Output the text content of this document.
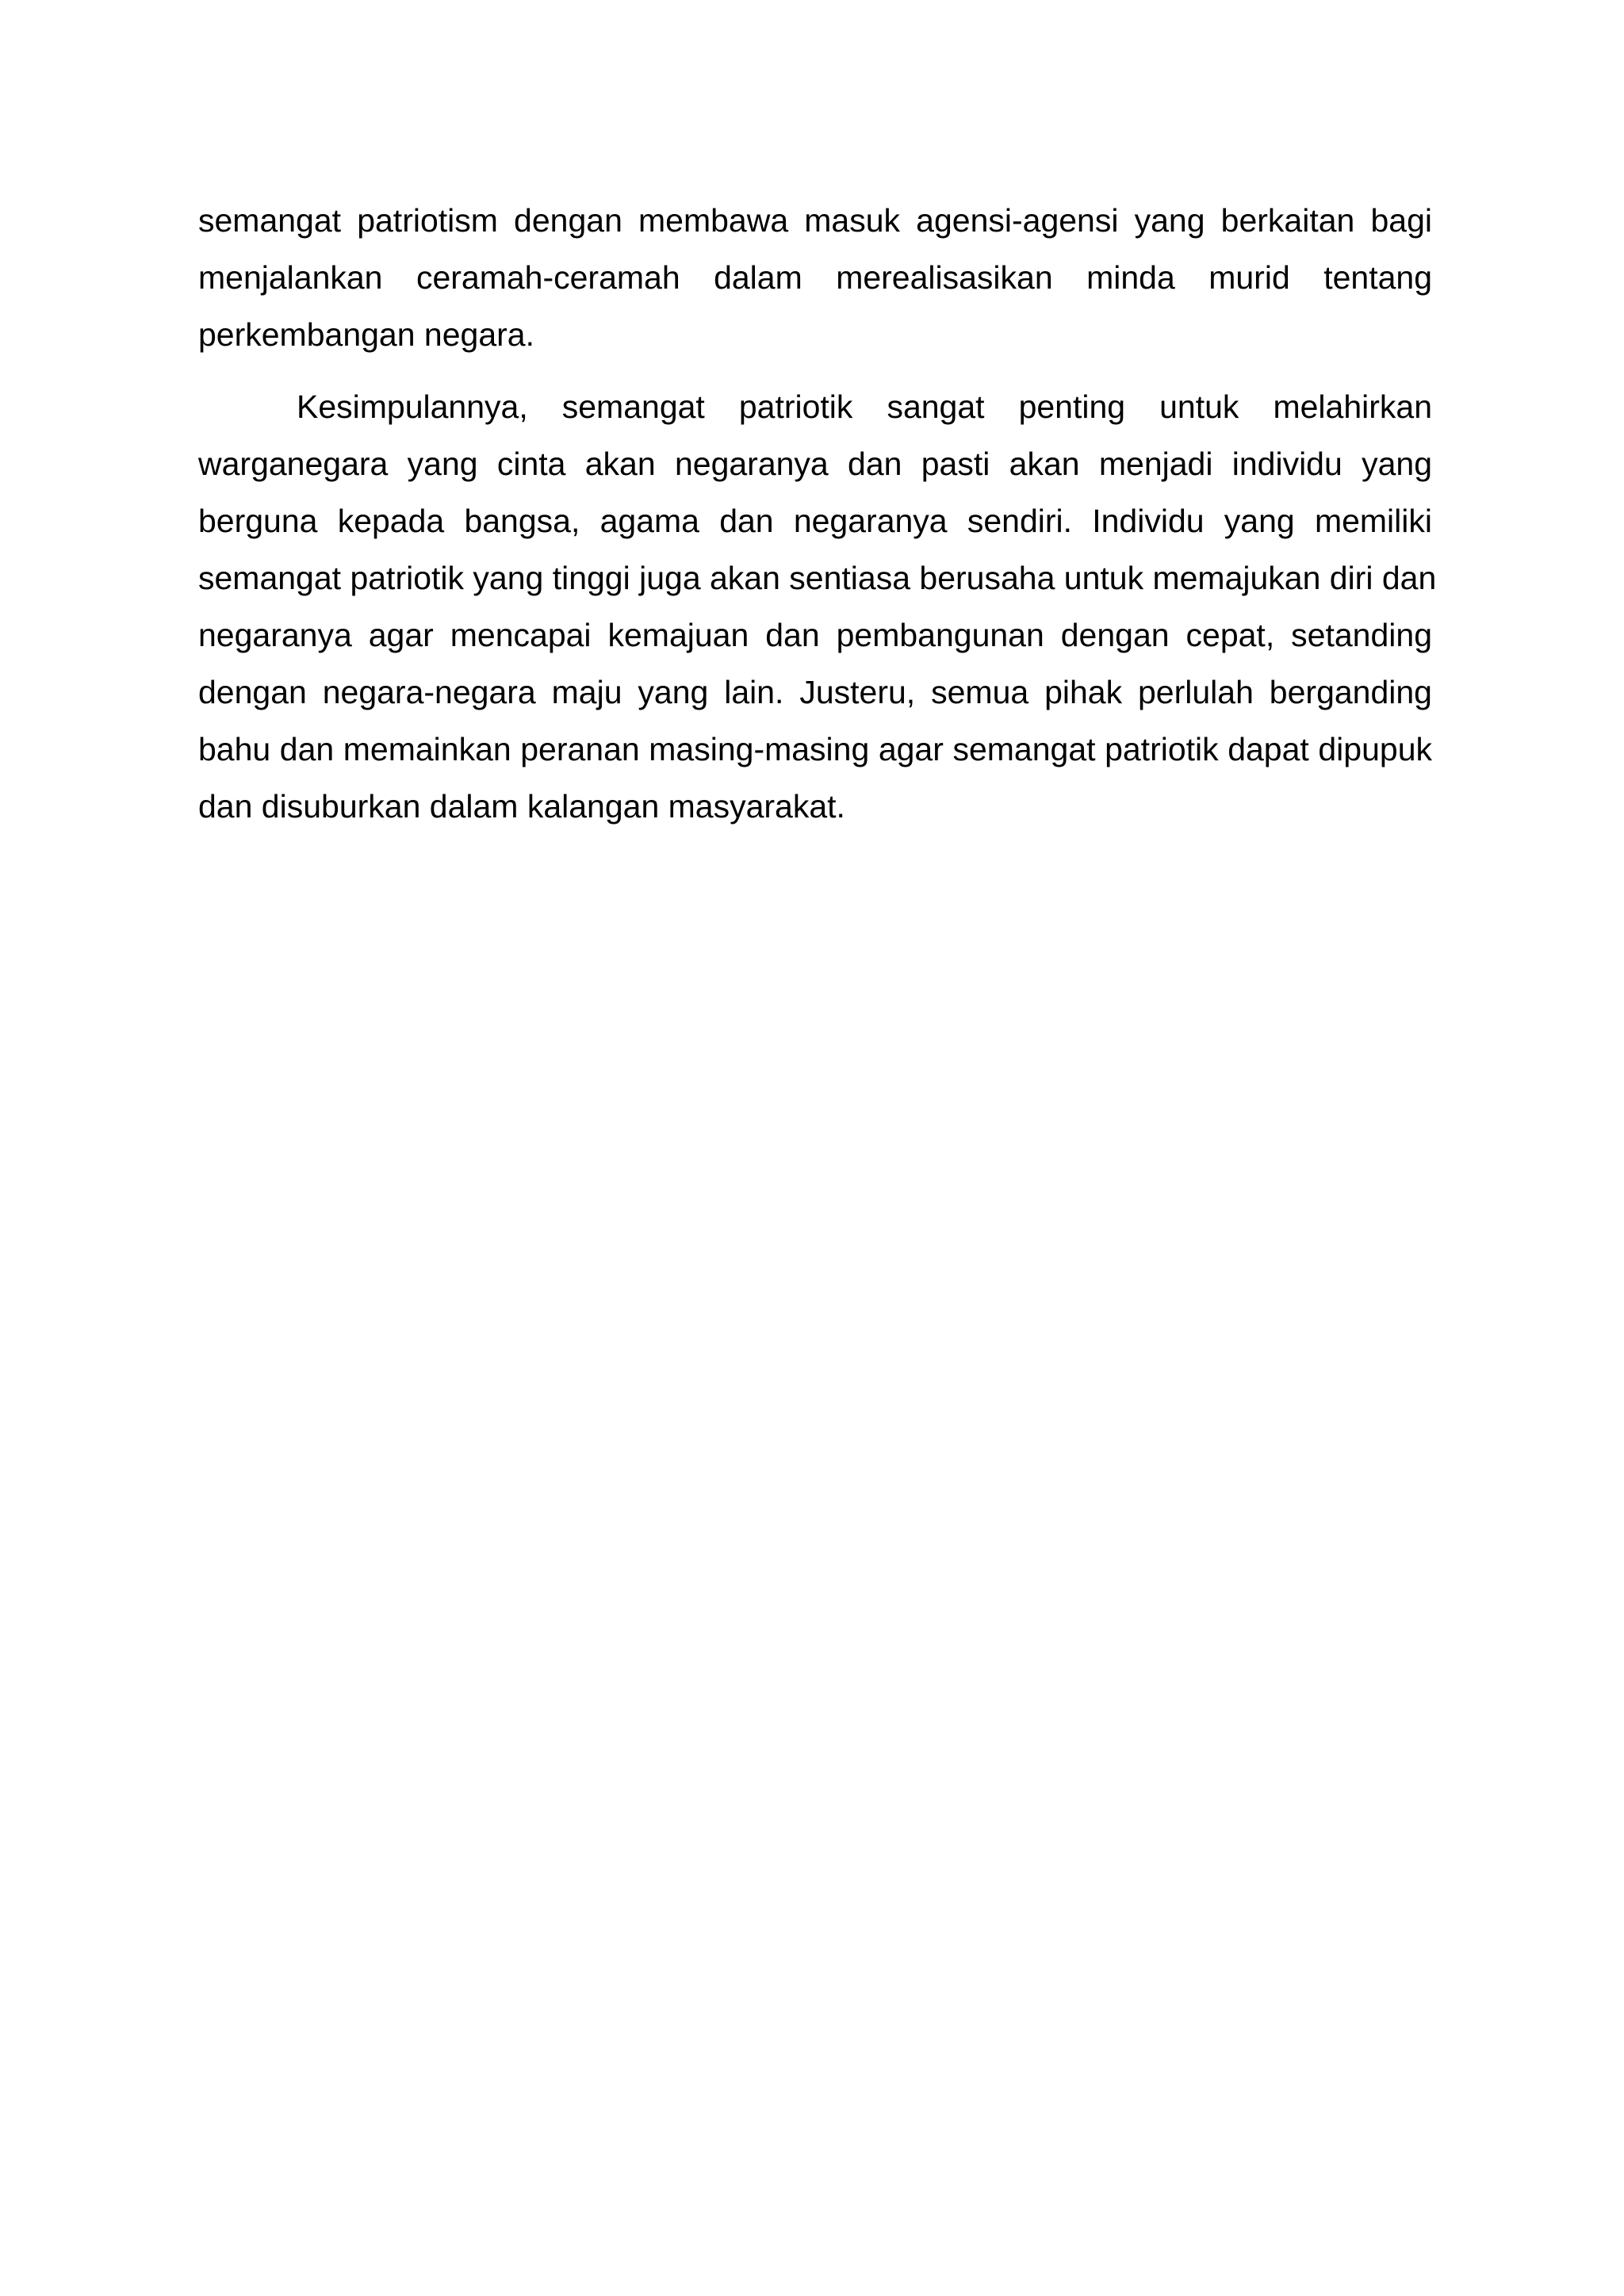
semangat patriotism dengan membawa masuk agensi-agensi yang berkaitan bagi
menjalankan ceramah-ceramah dalam merealisasikan minda murid tentang
perkembangan negara.

Kesimpulannya, semangat patriotik sangat penting untuk melahirkan
warganegara yang cinta akan negaranya dan pasti akan menjadi individu yang
berguna kepada bangsa, agama dan negaranya sendiri. Individu yang memiliki
semangat patriotik yang tinggi juga akan sentiasa berusaha untuk memajukan diri dan
negaranya agar mencapai kemajuan dan pembangunan dengan cepat, setanding
dengan negara-negara maju yang lain. Justeru, semua pihak perlulah berganding
bahu dan memainkan peranan masing-masing agar semangat patriotik dapat dipupuk
dan disuburkan dalam kalangan masyarakat.
